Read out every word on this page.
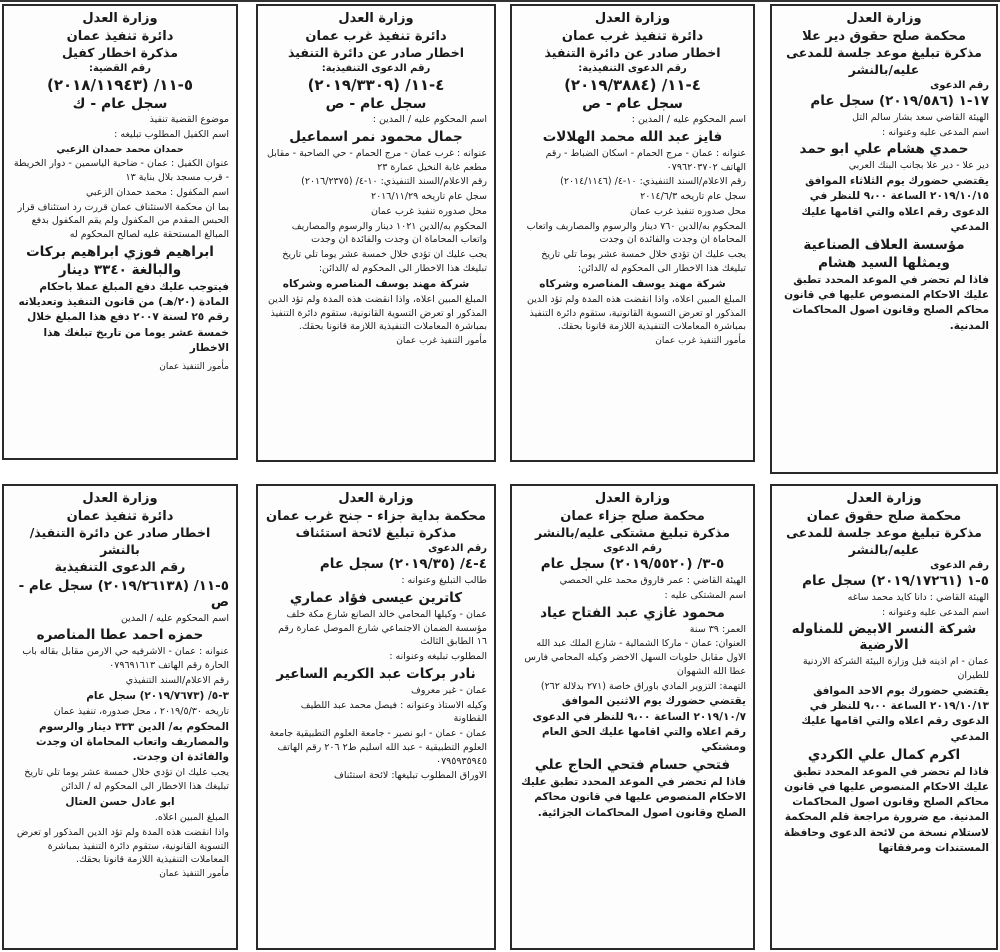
وزارة العدل
محكمة صلح حقوق دير علا
مذكرة تبليغ موعد جلسة للمدعى
عليه/بالنشر
رقم الدعوى
١٧-١ (٢٠١٩/٥٨٦) سجل عام
الهيئة القاضي سعد بشار سالم التل
اسم المدعى عليه وعنوانه :
حمدي هشام علي ابو حمد
دير علا - دير علا بجانب البنك العربي
يقتضي حضورك يوم الثلاثاء الموافق ٢٠١٩/١٠/١٥ الساعة ٩،٠٠ للنظر في الدعوى رقم اعلاه والتي اقامها عليك المدعي
مؤسسة العلاف الصناعية
ويمثلها السيد هشام
فاذا لم تحضر في الموعد المحدد تطبق عليك الاحكام المنصوص عليها في قانون محاكم الصلح وقانون اصول المحاكمات المدنية.
وزارة العدل
دائرة تنفيذ غرب عمان
اخطار صادر عن دائرة التنفيذ
رقم الدعوى التنفيذية:
٤-١١/ (٢٠١٩/٣٨٨٤)
سجل عام - ص
اسم المحكوم عليه / المدين :
فايز عبد الله محمد الهلالات
عنوانه : عمان - مرج الحمام - اسكان الضباط - رقم الهاتف ٠٧٩٦٢٠٣٧٠٢
رقم الاعلام/السند التنفيذي: ١٠-٤/ (٢٠١٤/١١٤٦)
سجل عام تاريخه ٢٠١٤/٦/٣
محل صدوره تنفيذ غرب عمان
المحكوم به/الدين ٧٦٠ دينار والرسوم والمصاريف واتعاب المحاماة ان وجدت والفائدة ان وجدت
يجب عليك ان تؤدي خلال خمسة عشر يوما تلي تاريخ تبليغك هذا الاخطار الى المحكوم له /الدائن:
شركة مهند يوسف المناصره وشركاه
المبلغ المبين اعلاه، واذا انقضت هذه المدة ولم تؤد الدين المذكور او تعرض التسوية القانونية، ستقوم دائرة التنفيذ بمباشرة المعاملات التنفيذية اللازمة قانونا بحقك.
مأمور التنفيذ غرب عمان
وزارة العدل
دائرة تنفيذ غرب عمان
اخطار صادر عن دائرة التنفيذ
رقم الدعوى التنفيذية:
٤-١١/ (٢٠١٩/٣٣٠٩)
سجل عام - ص
اسم المحكوم عليه / المدين :
جمال محمود نمر اسماعيل
عنوانه : غرب عمان - مرج الحمام - حي الصاحبة - مقابل مطعم غابة النخيل عمارة ٢٣
رقم الاعلام/السند التنفيذي: ١٠-٤/ (٢٠١٦/٢٣٧٥)
سجل عام تاريخه ٢٠١٦/١١/٢٩
محل صدوره تنفيذ غرب عمان
المحكوم به/الدين ١٠٢١ دينار والرسوم والمصاريف واتعاب المحاماة ان وجدت والفائدة ان وجدت
يجب عليك ان تؤدي خلال خمسة عشر يوما تلي تاريخ تبليغك هذا الاخطار الى المحكوم له /الدائن:
شركة مهند يوسف المناصره وشركاه
المبلغ المبين اعلاه، واذا انقضت هذه المدة ولم تؤد الدين المذكور او تعرض التسوية القانونية، ستقوم دائرة التنفيذ بمباشرة المعاملات التنفيذية اللازمة قانونا بحقك.
مأمور التنفيذ غرب عمان
وزارة العدل
دائرة تنفيذ عمان
مذكرة اخطار كفيل
رقم القضية:
٥-١١/ (٢٠١٨/١١٩٤٣)
سجل عام - ك
موضوع القضية تنفيذ
اسم الكفيل المطلوب تبليغه :
حمدان محمد حمدان الزعبي
عنوان الكفيل : عمان - ضاحية الياسمين - دوار الخريطة - قرب مسجد بلال بناية ١٣
اسم المكفول : محمد حمدان الزعبي
بما ان محكمة الاستئناف عمان قررت رد استئناف قرار الحبس المقدم من المكفول ولم يقم المكفول بدفع المبالغ المستحقة عليه لصالح المحكوم له
ابراهيم فوزي ابراهيم بركات
والبالغة ٣٣٤٠ دينار
فيتوجب عليك دفع المبلغ عملا باحكام المادة (٢٠/هـ) من قانون التنفيذ وتعديلاته رقم ٢٥ لسنة ٢٠٠٧ دفع هذا المبلغ خلال خمسة عشر يوما من تاريخ تبلغك هذا الاخطار
مأمور التنفيذ عمان
وزارة العدل
محكمة صلح حقوق عمان
مذكرة تبليغ موعد جلسة للمدعى
عليه/بالنشر
رقم الدعوى
٥-١ (٢٠١٩/١٧٢٦١) سجل عام
الهيئة القاضي : دانا كايد محمد ساغه
اسم المدعى عليه وعنوانه :
شركة النسر الابيض للمناوله الارضية
عمان - ام اذينه قبل وزارة البيئة الشركة الاردنية للطيران
يقتضي حضورك يوم الاحد الموافق ٢٠١٩/١٠/١٣ الساعة ٩،٠٠ للنظر في الدعوى رقم اعلاه والتي اقامها عليك المدعي
اكرم كمال علي الكردي
فاذا لم تحضر في الموعد المحدد تطبق عليك الاحكام المنصوص عليها في قانون محاكم الصلح وقانون اصول المحاكمات المدنية. مع ضرورة مراجعة قلم المحكمة لاستلام نسخة من لائحة الدعوى وحافظة المستندات ومرفقاتها
وزارة العدل
محكمة صلح جزاء عمان
مذكرة تبليغ مشتكى عليه/بالنشر
رقم الدعوى
٥-٣/ (٢٠١٩/٥٥٢٠) سجل عام
الهيئة القاضي : عمر فاروق محمد علي الحمصي
اسم المشتكى عليه :
محمود غازي عبد الفتاح عياد
العمر: ٣٩ سنة
العنوان: عمان - ماركا الشمالية - شارع الملك عبد الله الاول مقابل حلويات السهل الاخضر وكيله المحامي فارس عطا الله الشهوان
التهمة: التزوير المادي باوراق خاصة (٢٧١ بدلالة ٢٦٢)
يقتضي حضورك يوم الاثنين الموافق ٢٠١٩/١٠/٧ الساعة ٩،٠٠ للنظر في الدعوى رقم اعلاه والتي اقامها عليك الحق العام ومشتكي
فتحي حسام فتحي الحاج علي
فاذا لم تحضر في الموعد المحدد تطبق عليك الاحكام المنصوص عليها في قانون محاكم الصلح وقانون اصول المحاكمات الجزائية.
وزارة العدل
محكمة بداية جزاء - جنح غرب عمان
مذكرة تبليغ لائحة استئناف
رقم الدعوى
٤-٤/ (٢٠١٩/٣٥) سجل عام
طالب التبليغ وعنوانه :
كاترين عيسى فؤاد عماري
عمان - وكيلها المحامي خالد الصانع شارع مكة خلف مؤسسة الضمان الاجتماعي شارع الموصل عمارة رقم ١٦ الطابق الثالث
المطلوب تبليغه وعنوانه :
نادر بركات عبد الكريم الساعير
عمان - غير معروف
وكيله الاستاذ وعنوانه : فيصل محمد عبد اللطيف القطاونة
عمان - عمان - ابو نصير - جامعة العلوم التطبيقية جامعة العلوم التطبيقية - عبد الله اسليم ط٢ ٢٠٦ رقم الهاتف ٠٧٩٥٩٣٥٩٤٥
الاوراق المطلوب تبليغها: لائحة استئناف
وزارة العدل
دائرة تنفيذ عمان
اخطار صادر عن دائرة التنفيذ/بالنشر
رقم الدعوى التنفيذية
٥-١١/ (٢٠١٩/٢٦١٣٨) سجل عام - ص
اسم المحكوم عليه / المدين
حمزه احمد عطا المناصره
عنوانه : عمان - الاشرفيه حي الارمن مقابل بقاله باب الحارة رقم الهاتف ٠٧٩٦٩١٦١٣
رقم الاعلام/السند التنفيذي
٣-٥/ (٢٠١٩/٧٦٧٣) سجل عام
تاريخه ٢٠١٩/٥/٣٠ ، محل صدوره، تنفيذ عمان
المحكوم به/ الدين ٣٣٣ دينار والرسوم والمصاريف واتعاب المحاماة ان وجدت والفائدة ان وجدت.
يجب عليك ان تؤدي خلال خمسة عشر يوما تلي تاريخ تبليغك هذا الاخطار الى المحكوم له / الدائن
ابو عادل حسن العتال
المبلغ المبين اعلاه.
واذا انقضت هذه المدة ولم تؤد الدين المذكور او تعرض التسوية القانونية، ستقوم دائرة التنفيذ بمباشرة المعاملات التنفيذية اللازمة قانونا بحقك.
مأمور التنفيذ عمان
